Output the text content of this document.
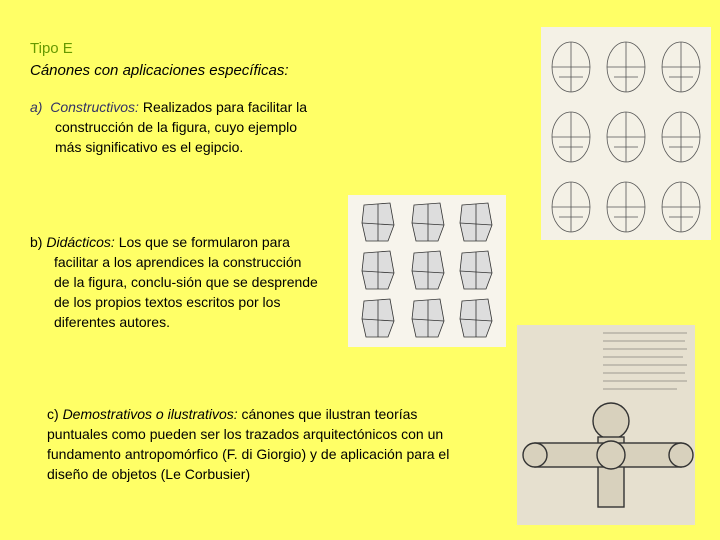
Tipo E
Cánones con aplicaciones específicas:
a) Constructivos: Realizados para facilitar la
construcción de la figura, cuyo ejemplo
más significativo es el egipcio.
b) Didácticos: Los que se formularon para
facilitar a los aprendices la construcción
de la figura, conclu-sión que se desprende
de los propios textos escritos por los
diferentes autores.
c) Demostrativos o ilustrativos: cánones que ilustran teorías
puntuales como pueden ser los trazados arquitectónicos con un
fundamento antropomórfico (F. di Giorgio) y de aplicación para el
diseño de objetos (Le Corbusier)
